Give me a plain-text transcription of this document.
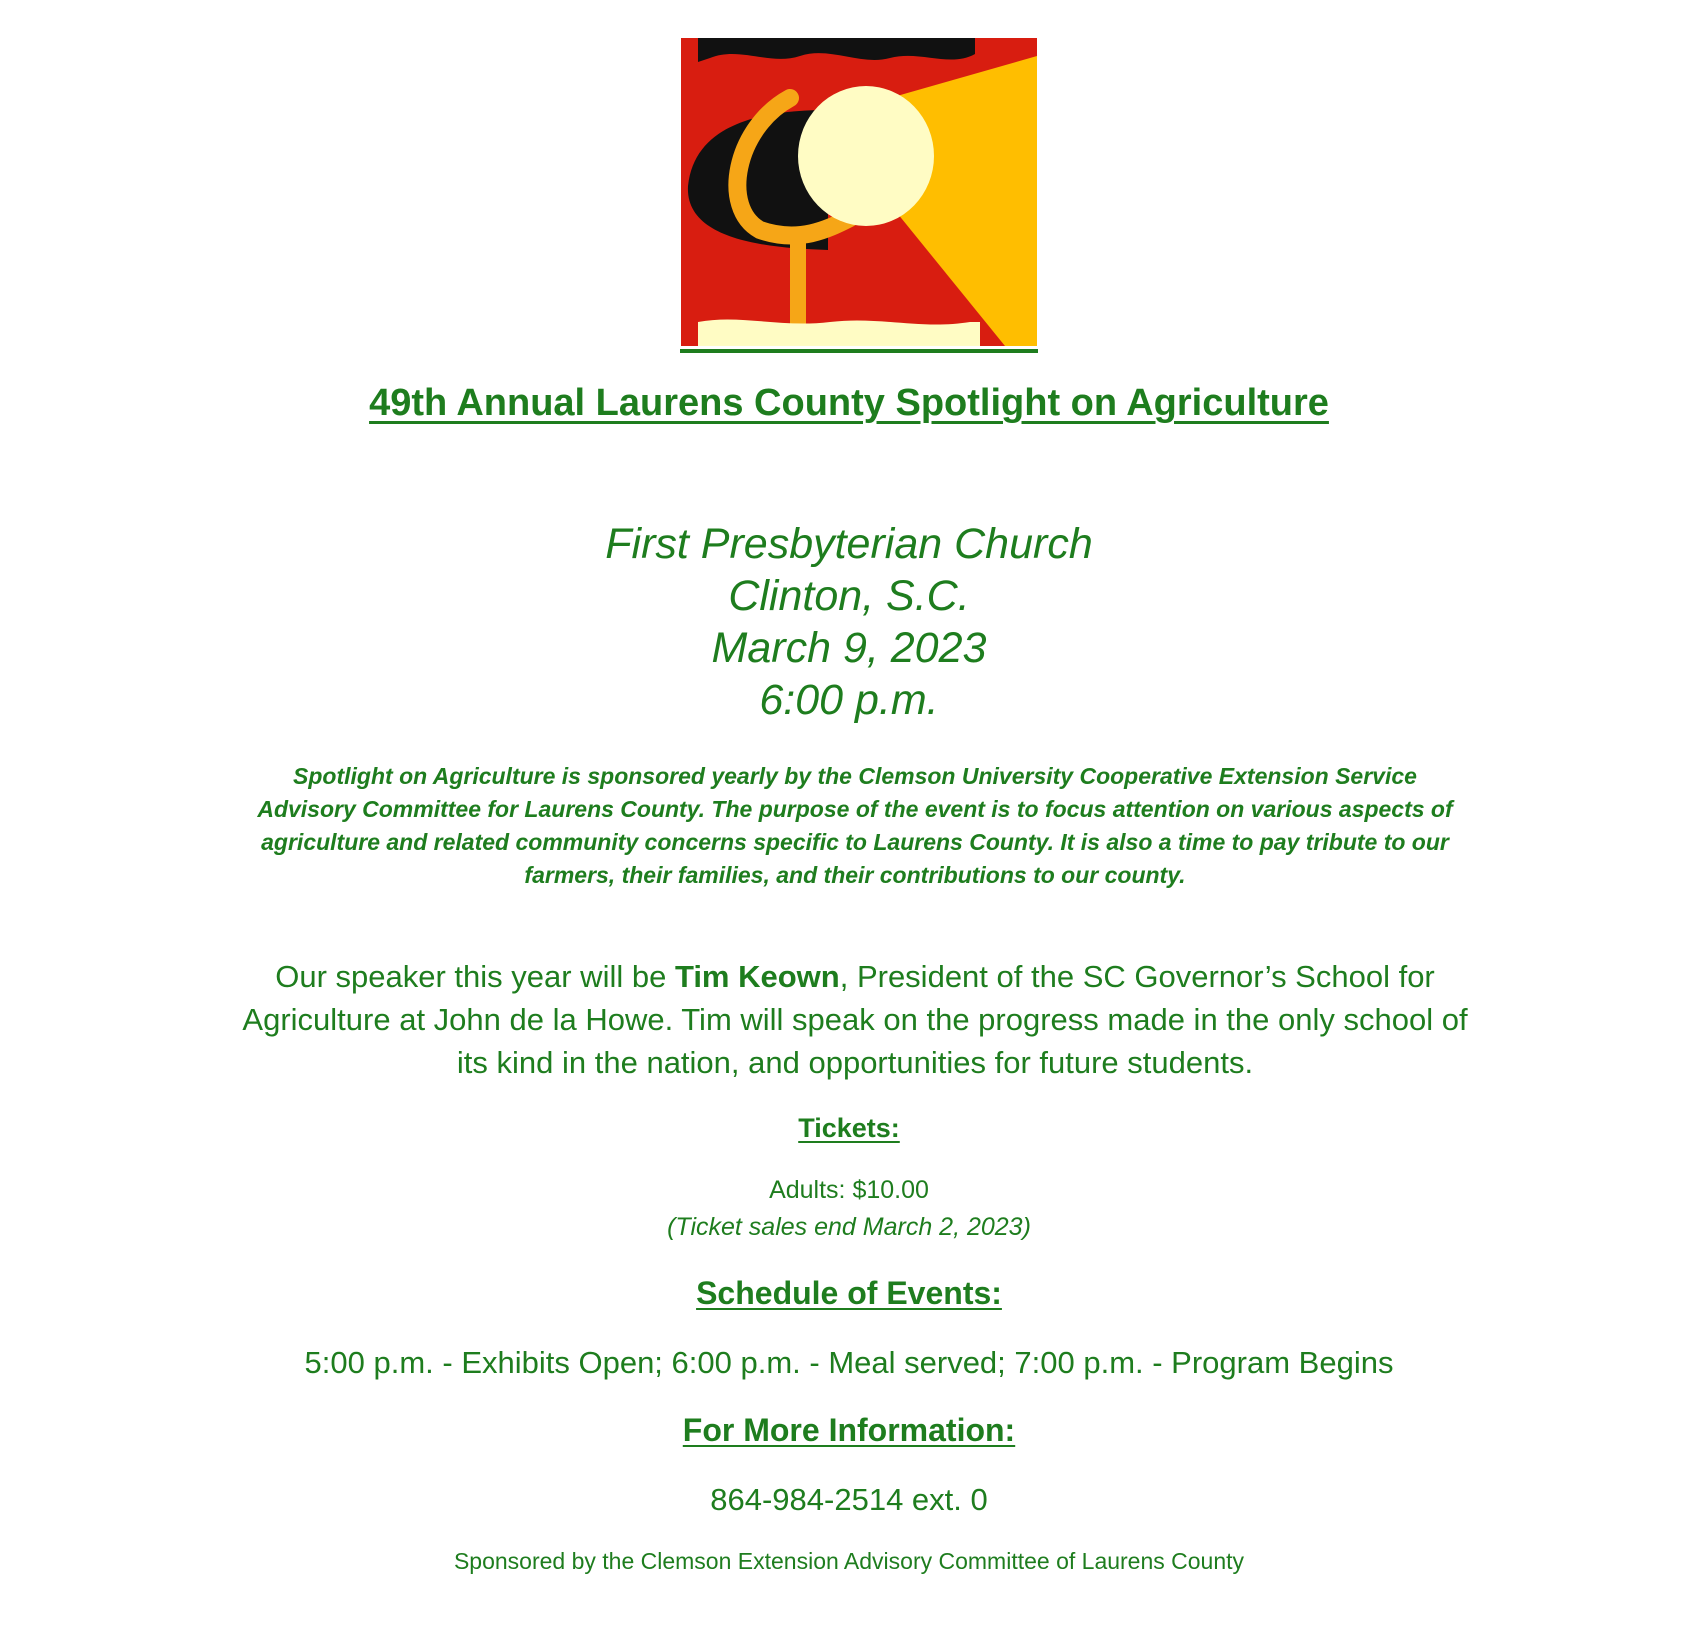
49th Annual Laurens County Spotlight on Agriculture
First Presbyterian Church
Clinton, S.C.
March 9, 2023
6:00 p.m.

Spotlight on Agriculture is sponsored yearly by the Clemson University Cooperative Extension Service Advisory Committee for Laurens County. The purpose of the event is to focus attention on various aspects of agriculture and related community concerns specific to Laurens County. It is also a time to pay tribute to our farmers, their families, and their contributions to our county.

Our speaker this year will be Tim Keown, President of the SC Governor’s School for Agriculture at John de la Howe. Tim will speak on the progress made in the only school of its kind in the nation, and opportunities for future students.

Tickets:
Adults: $10.00
(Ticket sales end March 2, 2023)
Schedule of Events:
5:00 p.m. - Exhibits Open; 6:00 p.m. - Meal served; 7:00 p.m. - Program Begins
For More Information:
864-984-2514 ext. 0
Sponsored by the Clemson Extension Advisory Committee of Laurens County
